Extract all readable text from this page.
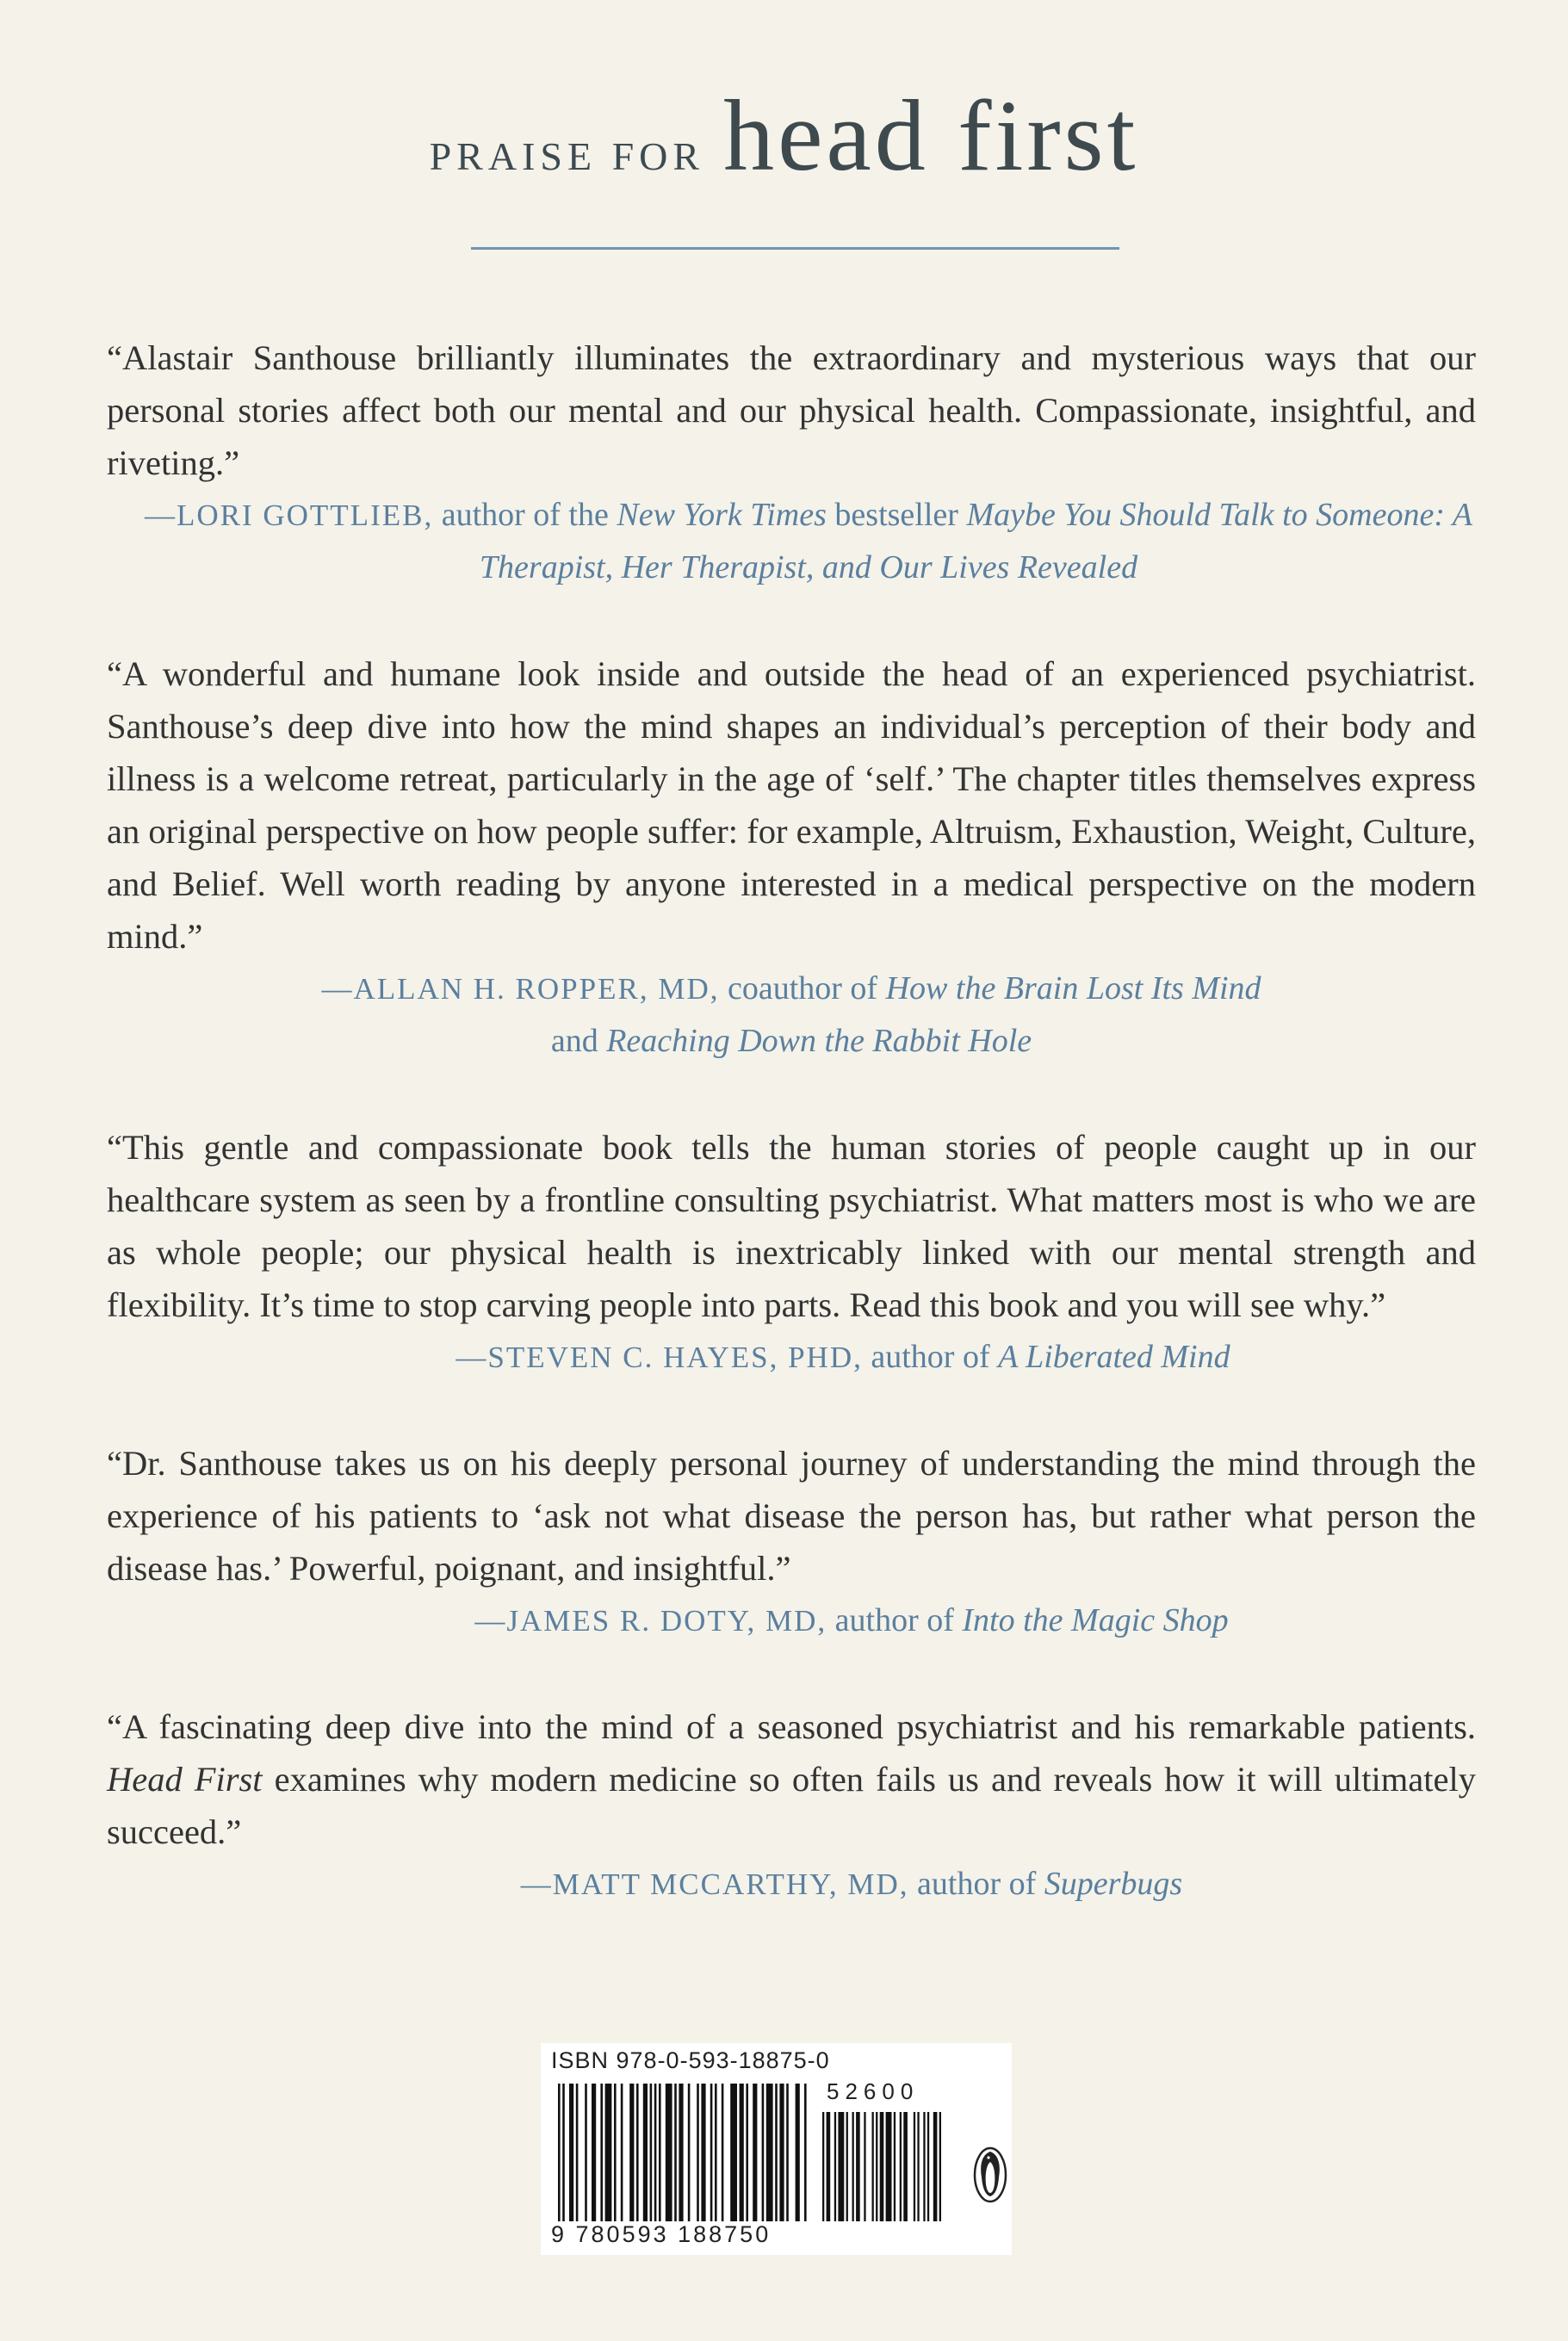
PRAISE FOR head first

“Alastair Santhouse brilliantly illuminates the extraordinary and mysterious ways that our personal stories affect both our mental and our physical health. Compassionate, insightful, and riveting.”

—LORI GOTTLIEB, author of the New York Times bestseller Maybe You Should Talk to Someone: A Therapist, Her Therapist, and Our Lives Revealed

“A wonderful and humane look inside and outside the head of an experienced psychiatrist. Santhouse’s deep dive into how the mind shapes an individual’s perception of their body and illness is a welcome retreat, particularly in the age of ‘self.’ The chapter titles themselves express an original perspective on how people suffer: for example, Altruism, Exhaustion, Weight, Culture, and Belief. Well worth reading by anyone interested in a medical perspective on the modern mind.”

—ALLAN H. ROPPER, MD, coauthor of How the Brain Lost Its Mind
and Reaching Down the Rabbit Hole

“This gentle and compassionate book tells the human stories of people caught up in our healthcare system as seen by a frontline consulting psychiatrist. What matters most is who we are as whole people; our physical health is inextricably linked with our mental strength and flexibility. It’s time to stop carving people into parts. Read this book and you will see why.”

—STEVEN C. HAYES, PHD, author of A Liberated Mind

“Dr. Santhouse takes us on his deeply personal journey of understanding the mind through the experience of his patients to ‘ask not what disease the person has, but rather what person the disease has.’ Powerful, poignant, and insightful.”

—JAMES R. DOTY, MD, author of Into the Magic Shop

“A fascinating deep dive into the mind of a seasoned psychiatrist and his remarkable patients. Head First examines why modern medicine so often fails us and reveals how it will ultimately succeed.”

—MATT MCCARTHY, MD, author of Superbugs

ISBN 978-0-593-18875-0
52600
9 780593 188750
